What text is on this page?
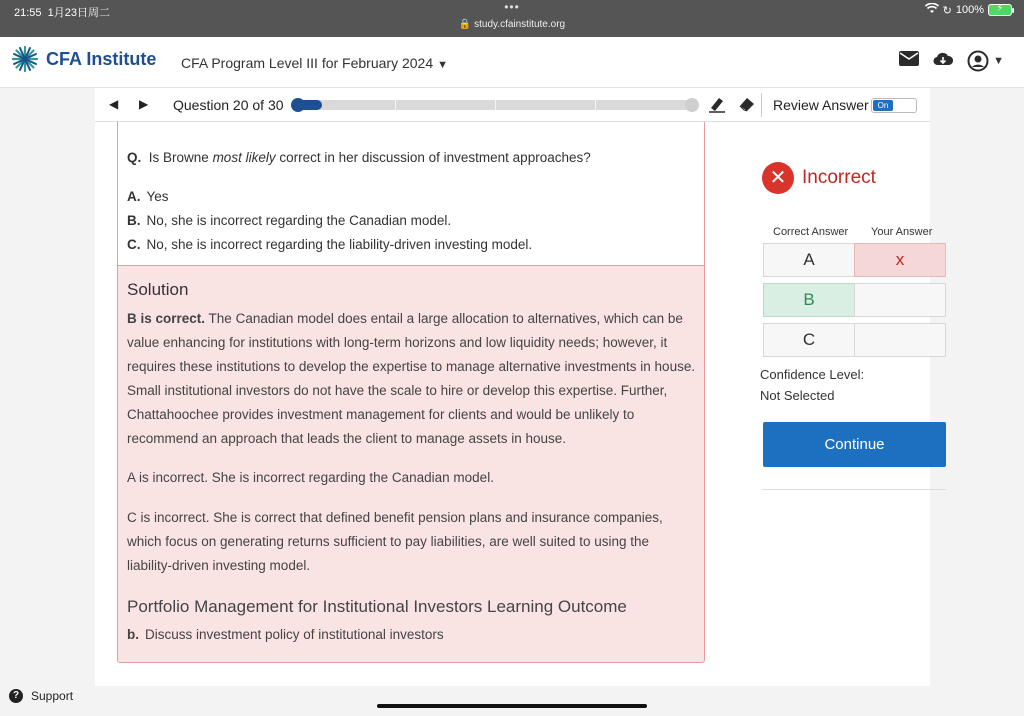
21:55 1月23日周二	•••
🔒 study.cfainstitute.org
↻ 100%	⚡
CFA Institute CFA Program Level III for February 2024 ▼	▼
◀ ▶ Question 20 of 30	Review Answer	On
Q. Is Browne most likely correct in her discussion of investment approaches?
A. Yes
B. No, she is incorrect regarding the Canadian model.
C. No, she is incorrect regarding the liability-driven investing model.
Solution
B is correct. The Canadian model does entail a large allocation to alternatives, which can be value enhancing for institutions with long-term horizons and low liquidity needs; however, it requires these institutions to develop the expertise to manage alternative investments in house. Small institutional investors do not have the scale to hire or develop this expertise. Further, Chattahoochee provides investment management for clients and would be unlikely to recommend an approach that leads the client to manage assets in house.
A is incorrect. She is incorrect regarding the Canadian model.
C is incorrect. She is correct that defined benefit pension plans and insurance companies, which focus on generating returns sufficient to pay liabilities, are well suited to using the liability-driven investing model.
Portfolio Management for Institutional Investors Learning Outcome
b. Discuss investment policy of institutional investors
✕ Incorrect
Correct Answer Your Answer
A	x
B
C
Confidence Level:
Not Selected
Continue
? Support
